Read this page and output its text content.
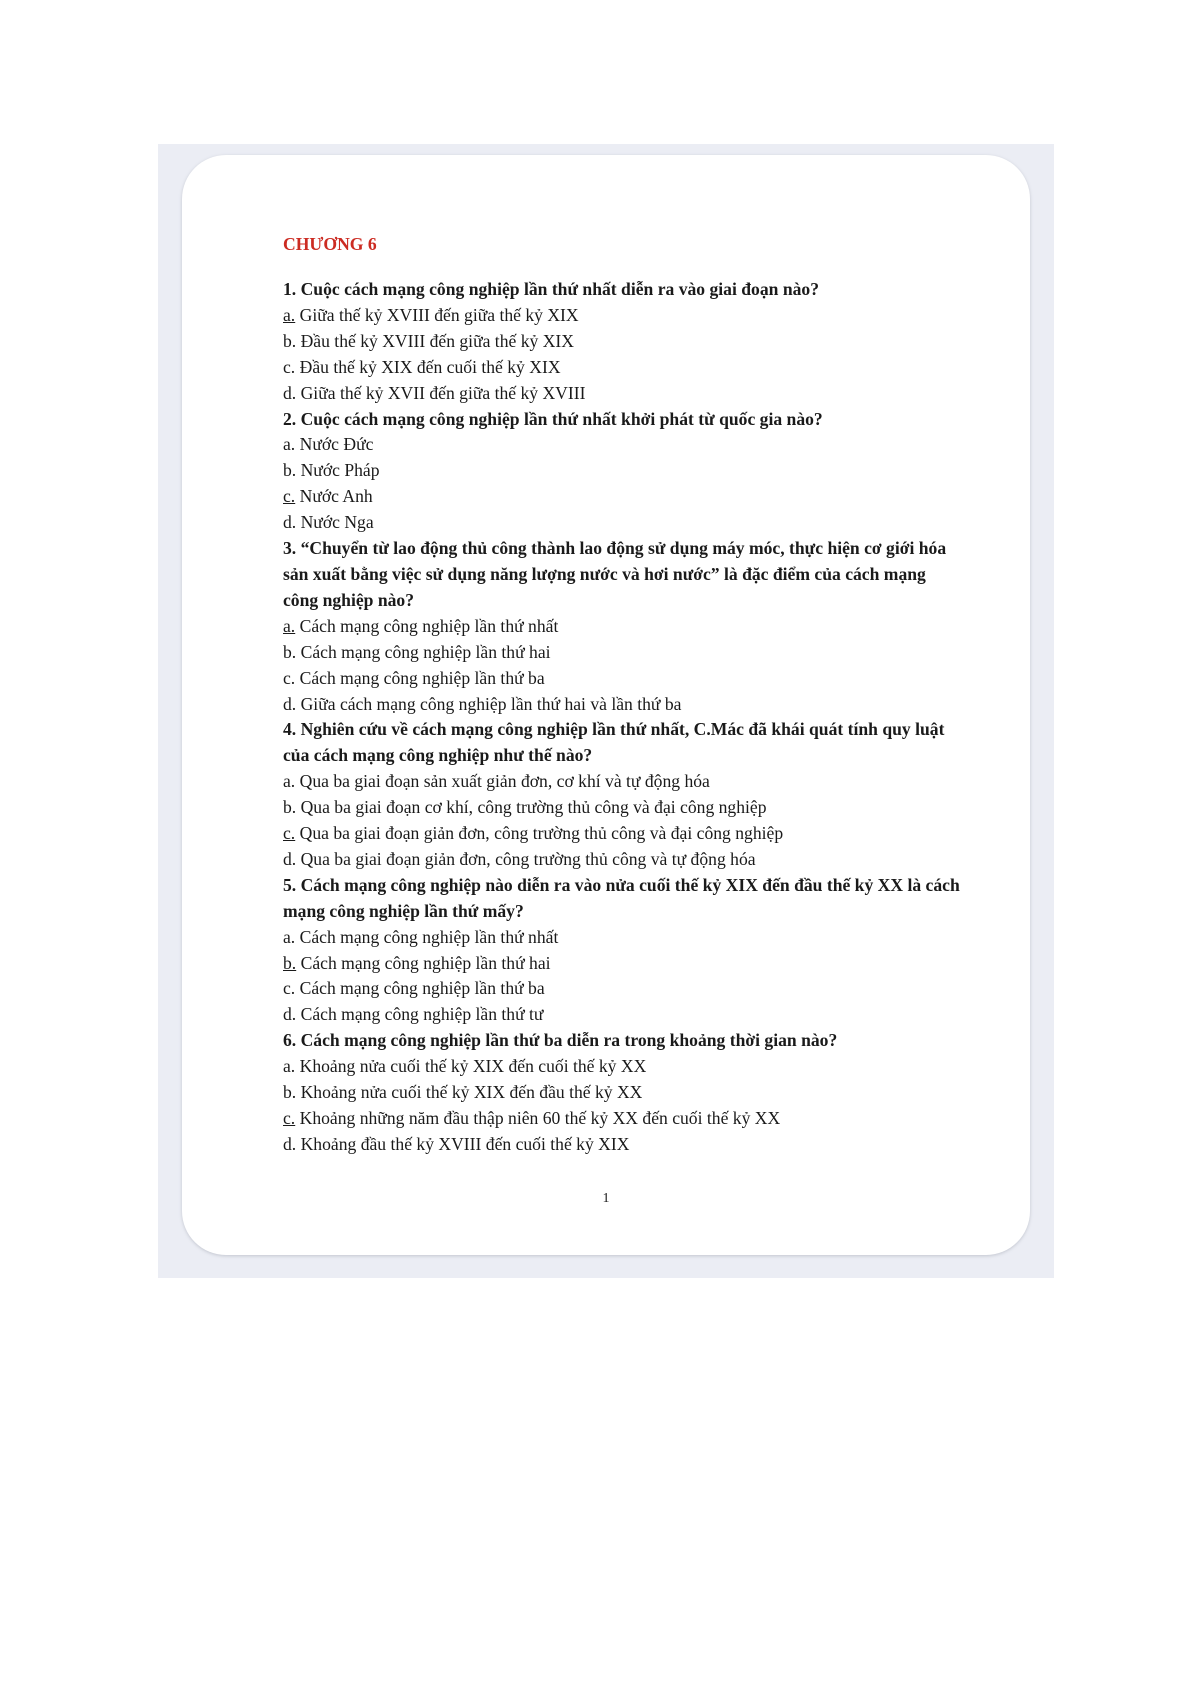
CHƯƠNG 6
1. Cuộc cách mạng công nghiệp lần thứ nhất diễn ra vào giai đoạn nào?
a. Giữa thế kỷ XVIII đến giữa thế kỷ XIX
b. Đầu thế kỷ XVIII đến giữa thế kỷ XIX
c. Đầu thế kỷ XIX đến cuối thế kỷ XIX
d. Giữa thế kỷ XVII đến giữa thế kỷ XVIII
2. Cuộc cách mạng công nghiệp lần thứ nhất khởi phát từ quốc gia nào?
a. Nước Đức
b. Nước Pháp
c. Nước Anh
d. Nước Nga
3. “Chuyển từ lao động thủ công thành lao động sử dụng máy móc, thực hiện cơ giới hóa sản xuất bằng việc sử dụng năng lượng nước và hơi nước” là đặc điểm của cách mạng công nghiệp nào?
a. Cách mạng công nghiệp lần thứ nhất
b. Cách mạng công nghiệp lần thứ hai
c. Cách mạng công nghiệp lần thứ ba
d. Giữa cách mạng công nghiệp lần thứ hai và lần thứ ba
4. Nghiên cứu về cách mạng công nghiệp lần thứ nhất, C.Mác đã khái quát tính quy luật của cách mạng công nghiệp như thế nào?
a. Qua ba giai đoạn sản xuất giản đơn, cơ khí và tự động hóa
b. Qua ba giai đoạn cơ khí, công trường thủ công và đại công nghiệp
c. Qua ba giai đoạn giản đơn, công trường thủ công và đại công nghiệp
d. Qua ba giai đoạn giản đơn, công trường thủ công và tự động hóa
5. Cách mạng công nghiệp nào diễn ra vào nửa cuối thế kỷ XIX đến đầu thế kỷ XX là cách mạng công nghiệp lần thứ mấy?
a. Cách mạng công nghiệp lần thứ nhất
b. Cách mạng công nghiệp lần thứ hai
c. Cách mạng công nghiệp lần thứ ba
d. Cách mạng công nghiệp lần thứ tư
6. Cách mạng công nghiệp lần thứ ba diễn ra trong khoảng thời gian nào?
a. Khoảng nửa cuối thế kỷ XIX đến cuối thế kỷ XX
b. Khoảng nửa cuối thế kỷ XIX đến đầu thế kỷ XX
c. Khoảng những năm đầu thập niên 60 thế kỷ XX đến cuối thế kỷ XX
d. Khoảng đầu thế kỷ XVIII đến cuối thế kỷ XIX
1
